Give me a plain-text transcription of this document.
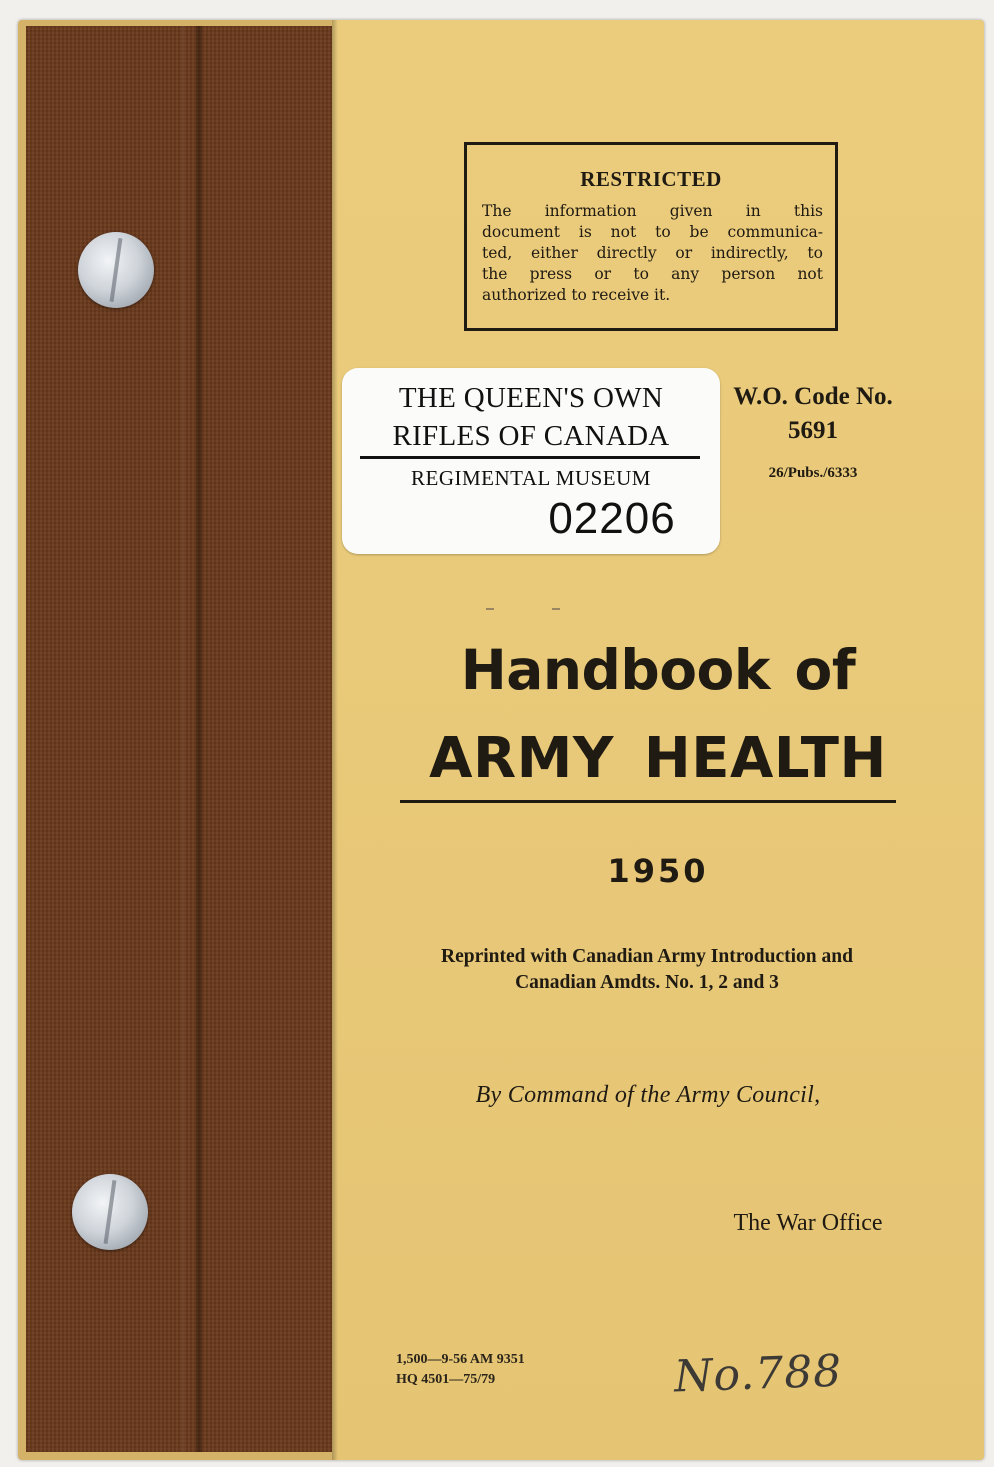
RESTRICTED
The information given in this
document is not to be communica-
ted, either directly or indirectly, to
the press or to any person not
authorized to receive it.
W.O. Code No.
5691
26/Pubs./6333
THE QUEEN'S OWN
RIFLES OF CANADA
REGIMENTAL MUSEUM
02206
Handbook of
ARMY HEALTH
1950
Reprinted with Canadian Army Introduction and
Canadian Amdts. No. 1, 2 and 3
By Command of the Army Council,
The War Office
1,500—9-56 AM 9351
HQ 4501—75/79	No.788
